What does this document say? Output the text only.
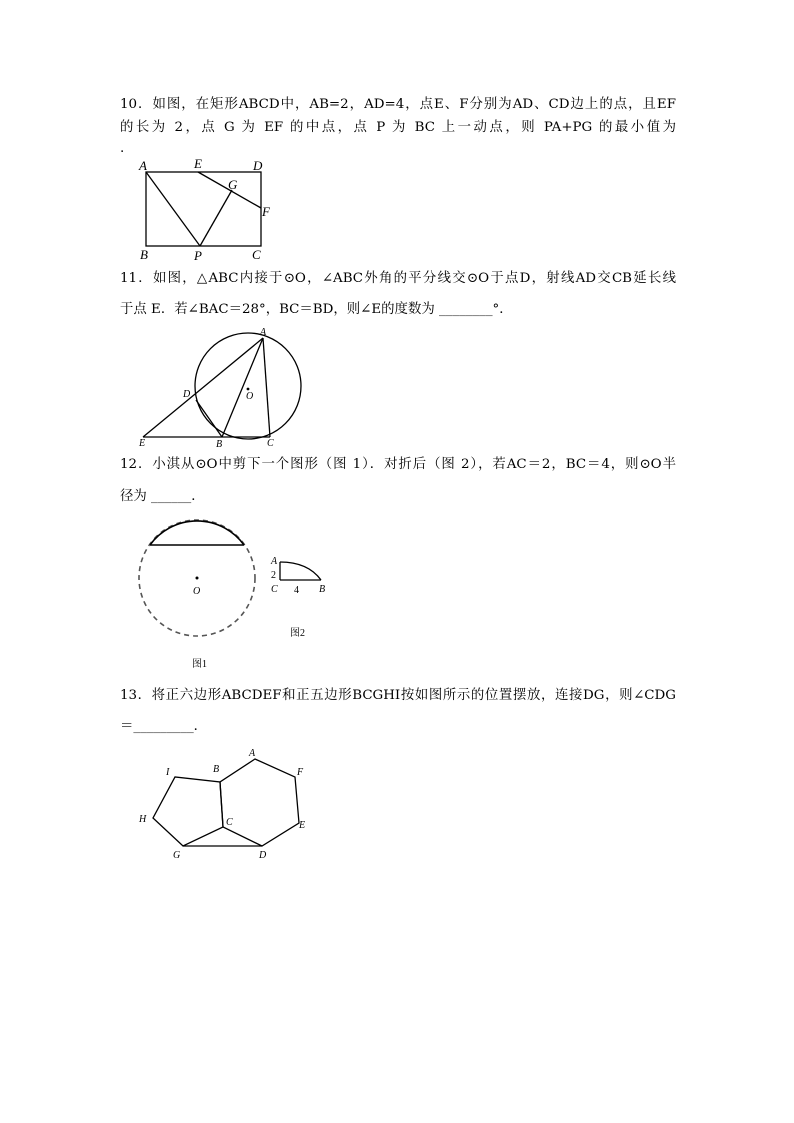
10．如图，在矩形ABCD中，AB=2，AD=4，点E、F分别为AD、CD边上的点，且EF
的长为 2，点 G 为 EF 的中点，点 P 为 BC 上一动点，则 PA+PG 的最小值为
.
A	E	D
G
F
B	P	C
11．如图，△ABC内接于⊙O，∠ABC外角的平分线交⊙O于点D，射线AD交CB延长线
于点 E．若∠BAC＝28°，BC＝BD，则∠E的度数为 ________°．
A
D	O
E	B	C
12．小淇从⊙O中剪下一个图形（图 1）．对折后（图 2），若AC＝2，BC＝4，则⊙O半
径为 ______．
O
图1
A
2
C 4 B
图2
13．将正六边形ABCDEF和正五边形BCGHI按如图所示的位置摆放，连接DG，则∠CDG
＝_________．
A
B
I	F
H	C	E
G	D
